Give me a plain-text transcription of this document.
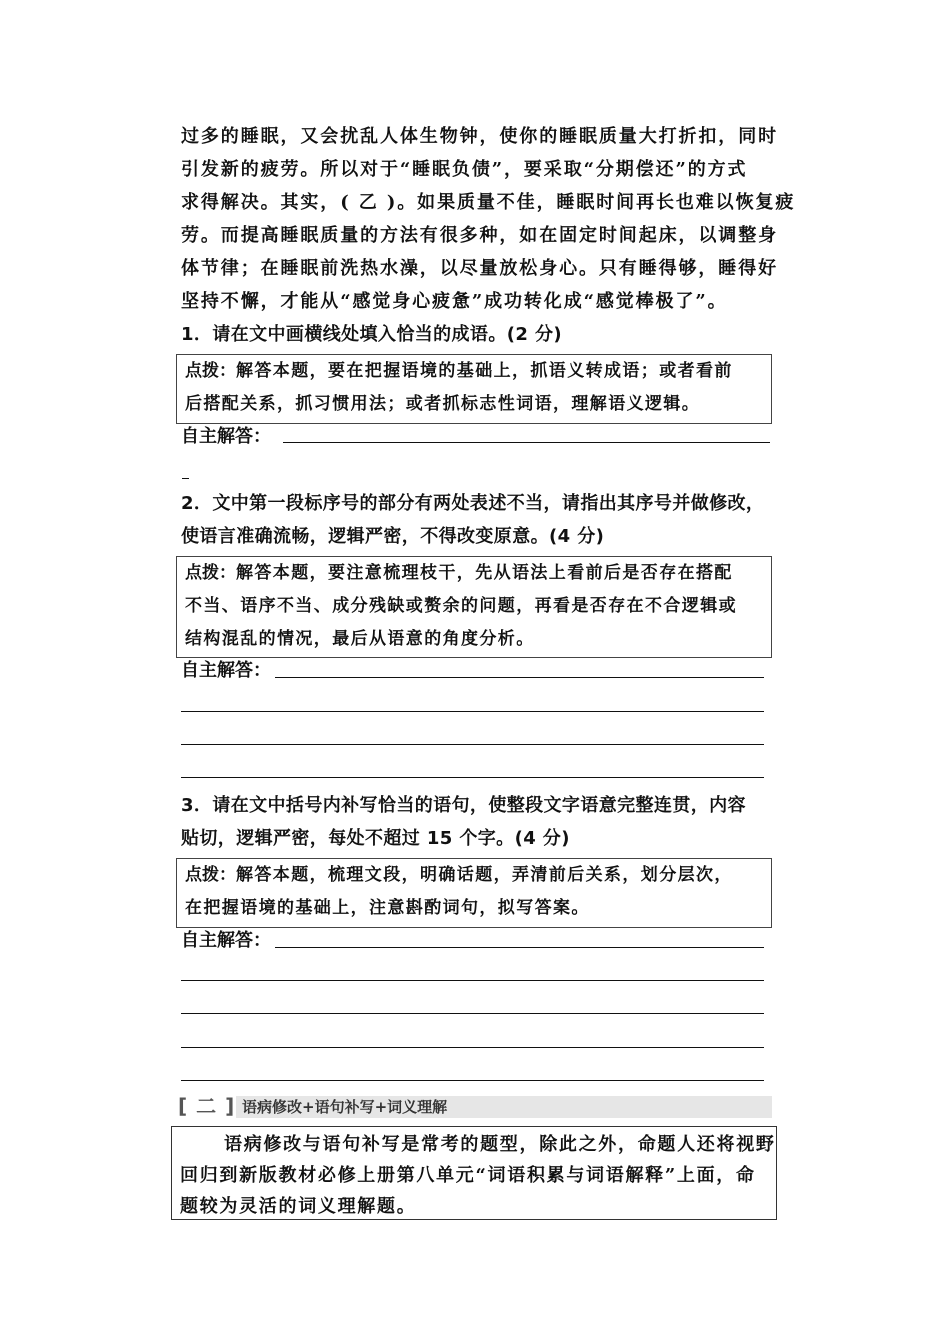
过多的睡眠，又会扰乱人体生物钟，使你的睡眠质量大打折扣，同时
引发新的疲劳。所以对于“睡眠负债”，要采取“分期偿还”的方式
求得解决。其实，( 乙 )。如果质量不佳，睡眠时间再长也难以恢复疲
劳。而提高睡眠质量的方法有很多种，如在固定时间起床，以调整身
体节律；在睡眠前洗热水澡，以尽量放松身心。只有睡得够，睡得好
坚持不懈，才能从“感觉身心疲惫”成功转化成“感觉棒极了”。
1．请在文中画横线处填入恰当的成语。(2 分)
点拨：解答本题，要在把握语境的基础上，抓语义转成语；或者看前
后搭配关系，抓习惯用法；或者抓标志性词语，理解语义逻辑。
自主解答：
2．文中第一段标序号的部分有两处表述不当，请指出其序号并做修改，
使语言准确流畅，逻辑严密，不得改变原意。(4 分)
点拨：解答本题，要注意梳理枝干，先从语法上看前后是否存在搭配
不当、语序不当、成分残缺或赘余的问题，再看是否存在不合逻辑或
结构混乱的情况，最后从语意的角度分析。
自主解答：
3．请在文中括号内补写恰当的语句，使整段文字语意完整连贯，内容
贴切，逻辑严密，每处不超过 15 个字。(4 分)
点拨：解答本题，梳理文段，明确话题，弄清前后关系，划分层次，
在把握语境的基础上，注意斟酌词句，拟写答案。
自主解答：
[ 二 ] 语病修改+语句补写+词义理解
语病修改与语句补写是常考的题型，除此之外，命题人还将视野
回归到新版教材必修上册第八单元“词语积累与词语解释”上面，命
题较为灵活的词义理解题。
